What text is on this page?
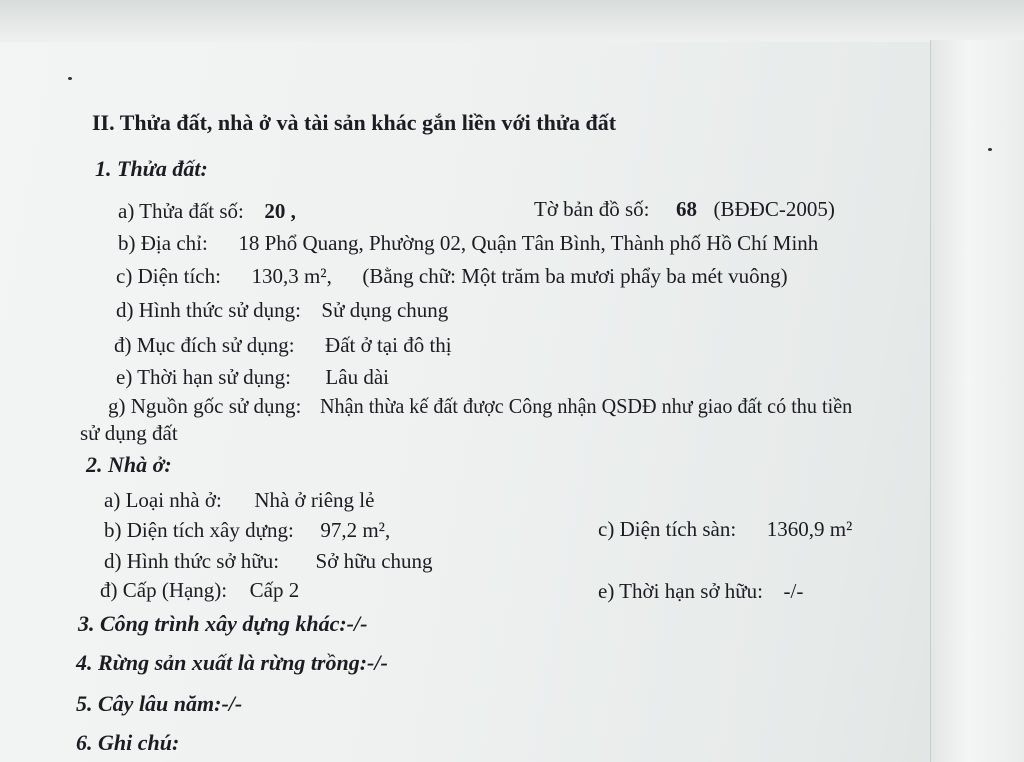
II. Thửa đất, nhà ở và tài sản khác gắn liền với thửa đất
1. Thửa đất:
a) Thửa đất số: 20 ,	Tờ bản đồ số: 68 (BĐĐC-2005)
b) Địa chỉ: 18 Phổ Quang, Phường 02, Quận Tân Bình, Thành phố Hồ Chí Minh
c) Diện tích: 130,3 m², (Bằng chữ: Một trăm ba mươi phẩy ba mét vuông)
d) Hình thức sử dụng: Sử dụng chung
đ) Mục đích sử dụng: Đất ở tại đô thị
e) Thời hạn sử dụng: Lâu dài
g) Nguồn gốc sử dụng: Nhận thừa kế đất được Công nhận QSDĐ như giao đất có thu tiền
sử dụng đất
2. Nhà ở:
a) Loại nhà ở: Nhà ở riêng lẻ
b) Diện tích xây dựng: 97,2 m²,	c) Diện tích sàn: 1360,9 m²
d) Hình thức sở hữu: Sở hữu chung
đ) Cấp (Hạng): Cấp 2	e) Thời hạn sở hữu: -/-
3. Công trình xây dựng khác:-/-
4. Rừng sản xuất là rừng trồng:-/-
5. Cây lâu năm:-/-
6. Ghi chú:
